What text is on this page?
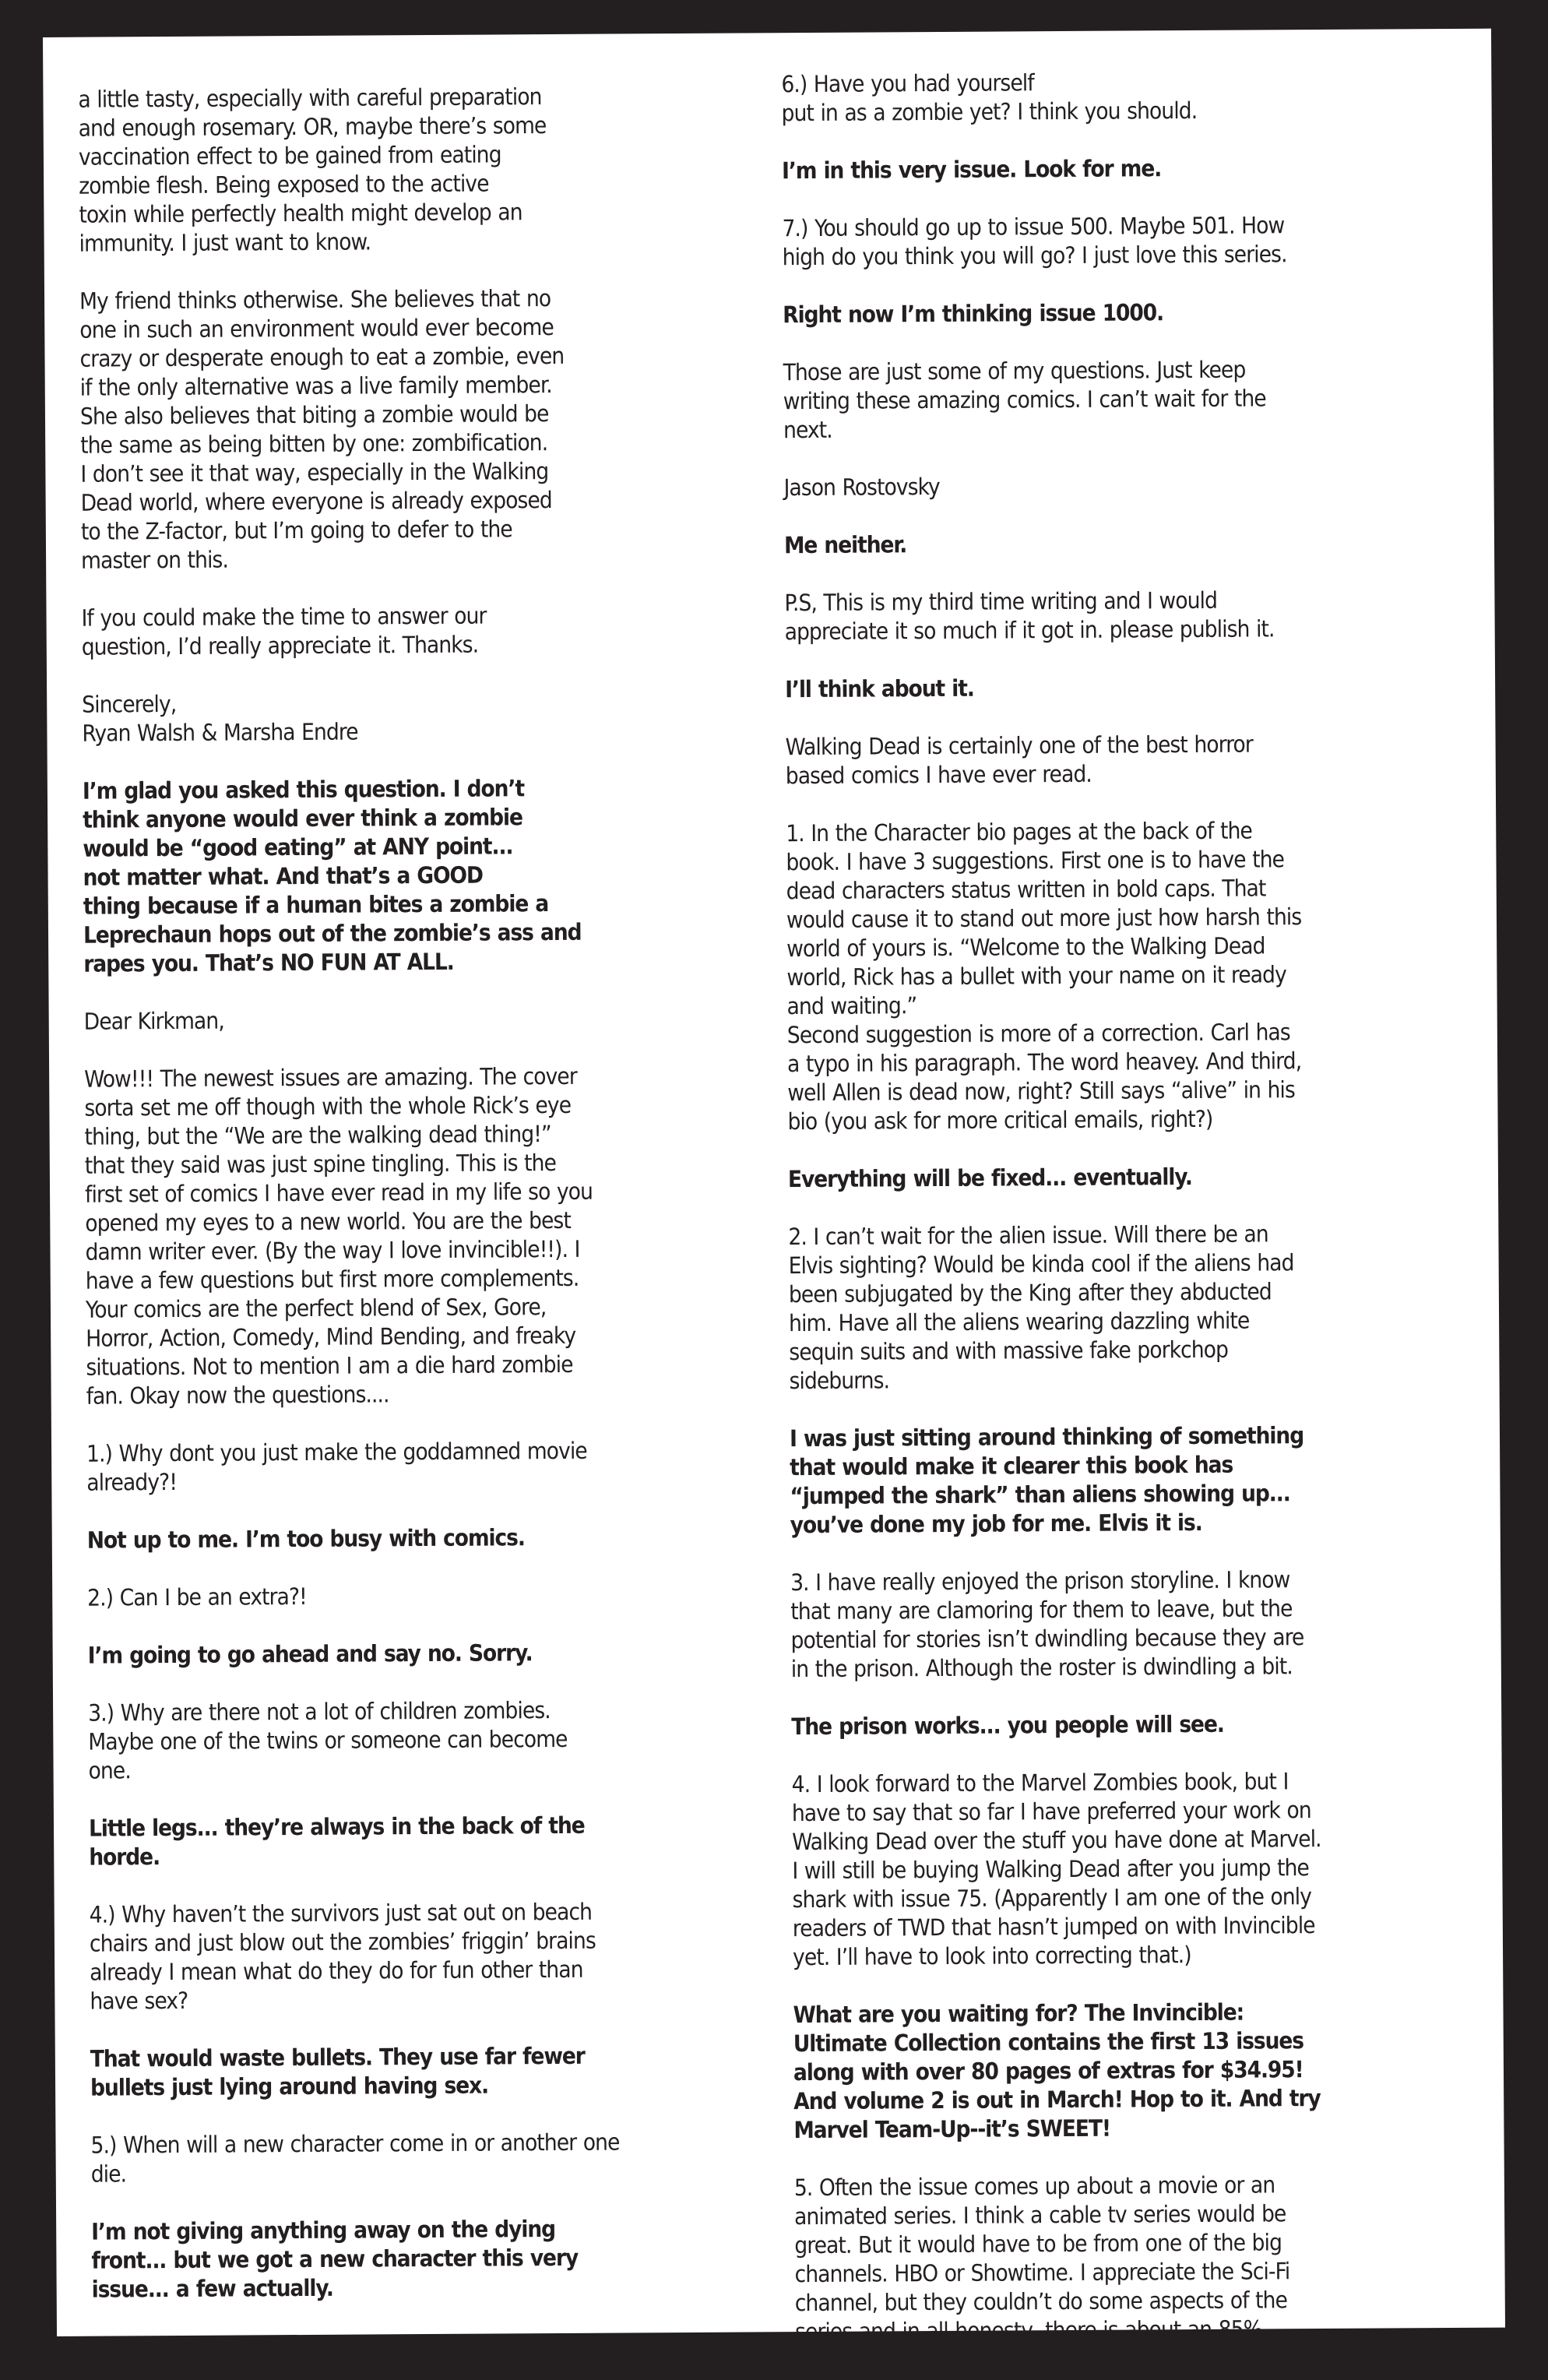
a little tasty, especially with careful preparation
and enough rosemary. OR, maybe there’s some
vaccination effect to be gained from eating
zombie flesh. Being exposed to the active
toxin while perfectly health might develop an
immunity. I just want to know.

My friend thinks otherwise. She believes that no
one in such an environment would ever become
crazy or desperate enough to eat a zombie, even
if the only alternative was a live family member.
She also believes that biting a zombie would be
the same as being bitten by one: zombification.
I don’t see it that way, especially in the Walking
Dead world, where everyone is already exposed
to the Z-factor, but I’m going to defer to the
master on this.

If you could make the time to answer our
question, I’d really appreciate it. Thanks.

Sincerely,
Ryan Walsh & Marsha Endre

I’m glad you asked this question. I don’t
think anyone would ever think a zombie
would be “good eating” at ANY point...
not matter what. And that’s a GOOD
thing because if a human bites a zombie a
Leprechaun hops out of the zombie’s ass and
rapes you. That’s NO FUN AT ALL.

Dear Kirkman,

Wow!!! The newest issues are amazing. The cover
sorta set me off though with the whole Rick’s eye
thing, but the “We are the walking dead thing!”
that they said was just spine tingling. This is the
first set of comics I have ever read in my life so you
opened my eyes to a new world. You are the best
damn writer ever. (By the way I love invincible!!). I
have a few questions but first more complements.
Your comics are the perfect blend of Sex, Gore,
Horror, Action, Comedy, Mind Bending, and freaky
situations. Not to mention I am a die hard zombie
fan. Okay now the questions....

1.) Why dont you just make the goddamned movie
already?!

Not up to me. I’m too busy with comics.

2.) Can I be an extra?!

I’m going to go ahead and say no. Sorry.

3.) Why are there not a lot of children zombies.
Maybe one of the twins or someone can become
one.

Little legs... they’re always in the back of the
horde.

4.) Why haven’t the survivors just sat out on beach
chairs and just blow out the zombies’ friggin’ brains
already I mean what do they do for fun other than
have sex?

That would waste bullets. They use far fewer
bullets just lying around having sex.

5.) When will a new character come in or another one
die.

I’m not giving anything away on the dying
front... but we got a new character this very
issue... a few actually.

6.) Have you had yourself
put in as a zombie yet? I think you should.

I’m in this very issue. Look for me.

7.) You should go up to issue 500. Maybe 501. How
high do you think you will go? I just love this series.

Right now I’m thinking issue 1000.

Those are just some of my questions. Just keep
writing these amazing comics. I can’t wait for the
next.

Jason Rostovsky

Me neither.

P.S, This is my third time writing and I would
appreciate it so much if it got in. please publish it.

I’ll think about it.

Walking Dead is certainly one of the best horror
based comics I have ever read.

1. In the Character bio pages at the back of the
book. I have 3 suggestions. First one is to have the
dead characters status written in bold caps. That
would cause it to stand out more just how harsh this
world of yours is. “Welcome to the Walking Dead
world, Rick has a bullet with your name on it ready
and waiting.”
Second suggestion is more of a correction. Carl has
a typo in his paragraph. The word heavey. And third,
well Allen is dead now, right? Still says “alive” in his
bio (you ask for more critical emails, right?)

Everything will be fixed... eventually.

2. I can’t wait for the alien issue. Will there be an
Elvis sighting? Would be kinda cool if the aliens had
been subjugated by the King after they abducted
him. Have all the aliens wearing dazzling white
sequin suits and with massive fake porkchop
sideburns.

I was just sitting around thinking of something
that would make it clearer this book has
“jumped the shark” than aliens showing up...
you’ve done my job for me. Elvis it is.

3. I have really enjoyed the prison storyline. I know
that many are clamoring for them to leave, but the
potential for stories isn’t dwindling because they are
in the prison. Although the roster is dwindling a bit.

The prison works... you people will see.

4. I look forward to the Marvel Zombies book, but I
have to say that so far I have preferred your work on
Walking Dead over the stuff you have done at Marvel.
I will still be buying Walking Dead after you jump the
shark with issue 75. (Apparently I am one of the only
readers of TWD that hasn’t jumped on with Invincible
yet. I’ll have to look into correcting that.)

What are you waiting for? The Invincible:
Ultimate Collection contains the first 13 issues
along with over 80 pages of extras for $34.95!
And volume 2 is out in March! Hop to it. And try
Marvel Team-Up--it’s SWEET!

5. Often the issue comes up about a movie or an
animated series. I think a cable tv series would be
great. But it would have to be from one of the big
channels. HBO or Showtime. I appreciate the Sci-Fi
channel, but they couldn’t do some aspects of the
series and in all honesty, there is about an 85%
